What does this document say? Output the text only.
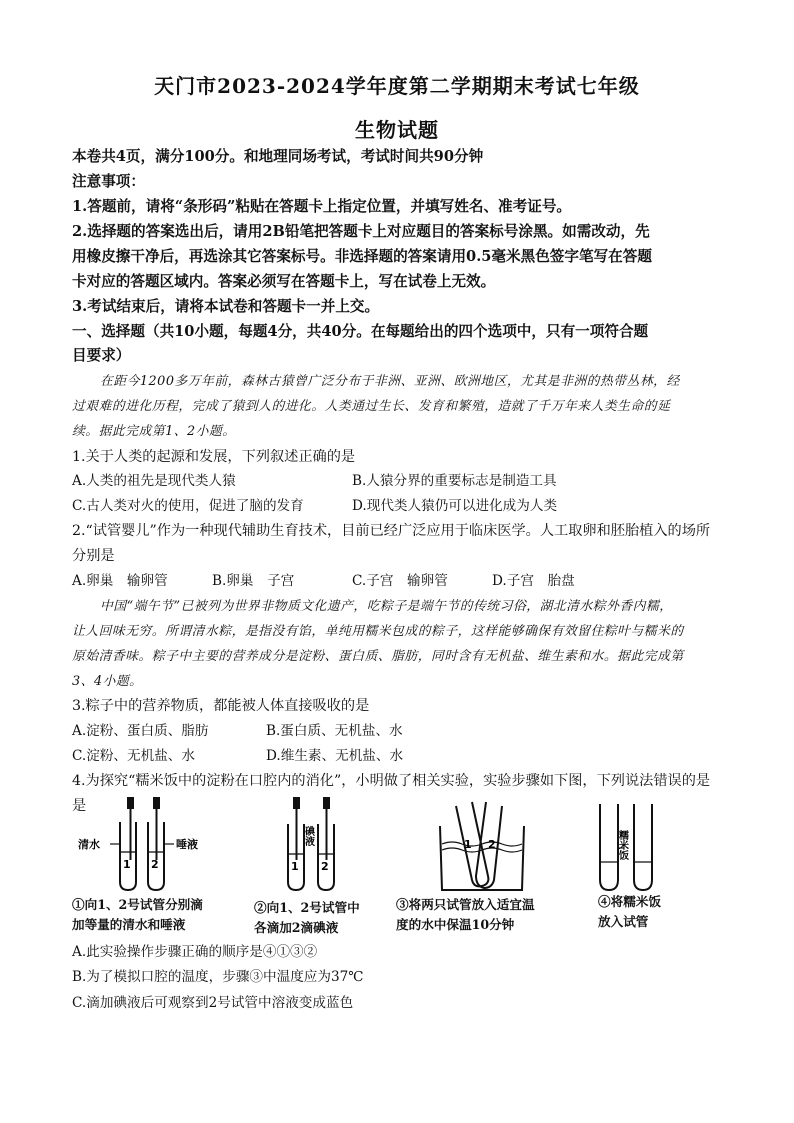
天门市2023-2024学年度第二学期期末考试七年级
生物试题
本卷共4页，满分100分。和地理同场考试，考试时间共90分钟
注意事项：
1.答题前，请将“条形码”粘贴在答题卡上指定位置，并填写姓名、准考证号。
2.选择题的答案选出后，请用2B铅笔把答题卡上对应题目的答案标号涂黑。如需改动，先
用橡皮擦干净后，再选涂其它答案标号。非选择题的答案请用0.5毫米黑色签字笔写在答题
卡对应的答题区域内。答案必须写在答题卡上，写在试卷上无效。
3.考试结束后，请将本试卷和答题卡一并上交。
一、选择题（共10小题，每题4分，共40分。在每题给出的四个选项中，只有一项符合题
目要求）
在距今1200多万年前，森林古猿曾广泛分布于非洲、亚洲、欧洲地区，尤其是非洲的热带丛林，经
过艰难的进化历程，完成了猿到人的进化。人类通过生长、发育和繁殖，造就了千万年来人类生命的延
续。据此完成第1、2小题。
1.关于人类的起源和发展，下列叙述正确的是
A.人类的祖先是现代类人猿	B.人猿分界的重要标志是制造工具
C.古人类对火的使用，促进了脑的发育	D.现代类人猿仍可以进化成为人类
2.“试管婴儿”作为一种现代辅助生育技术，目前已经广泛应用于临床医学。人工取卵和胚胎植入的场所
分别是
A.卵巢　输卵管	B.卵巢　子宫	C.子宫　输卵管	D.子宫　胎盘
中国“端午节”已被列为世界非物质文化遗产，吃粽子是端午节的传统习俗，湖北清水粽外香内糯，
让人回味无穷。所谓清水粽，是指没有馅，单纯用糯米包成的粽子，这样能够确保有效留住粽叶与糯米的
原始清香味。粽子中主要的营养成分是淀粉、蛋白质、脂肪，同时含有无机盐、维生素和水。据此完成第
3、4小题。
3.粽子中的营养物质，都能被人体直接吸收的是
A.淀粉、蛋白质、脂肪	B.蛋白质、无机盐、水
C.淀粉、无机盐、水	D.维生素、无机盐、水
4.为探究“糯米饭中的淀粉在口腔内的消化”，小明做了相关实验，实验步骤如下图，下列说法错误的是
是
清水	唾液
1 2
碘液
1 2
1 2	糯米饭
①向1、2号试管分别滴
加等量的清水和唾液
②向1、2号试管中
各滴加2滴碘液
③将两只试管放入适宜温
度的水中保温10分钟
④将糯米饭
放入试管
A.此实验操作步骤正确的顺序是④①③②
B.为了模拟口腔的温度，步骤③中温度应为37℃
C.滴加碘液后可观察到2号试管中溶液变成蓝色
